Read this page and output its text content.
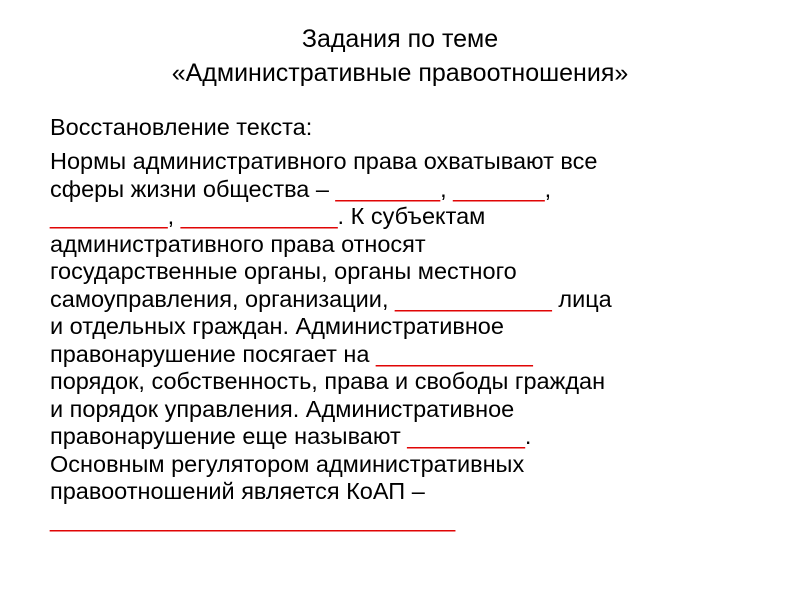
Задания по теме
«Административные правоотношения»
Восстановление текста:
Нормы административного права охватывают все
сферы жизни общества – ________, _______,
_________, ____________. К субъектам
административного права относят
государственные органы, органы местного
самоуправления, организации, ____________ лица
и отдельных граждан. Административное
правонарушение посягает на ____________
порядок, собственность, права и свободы граждан
и порядок управления. Административное
правонарушение еще называют _________.
Основным регулятором административных
правоотношений является КоАП –
_______________________________
